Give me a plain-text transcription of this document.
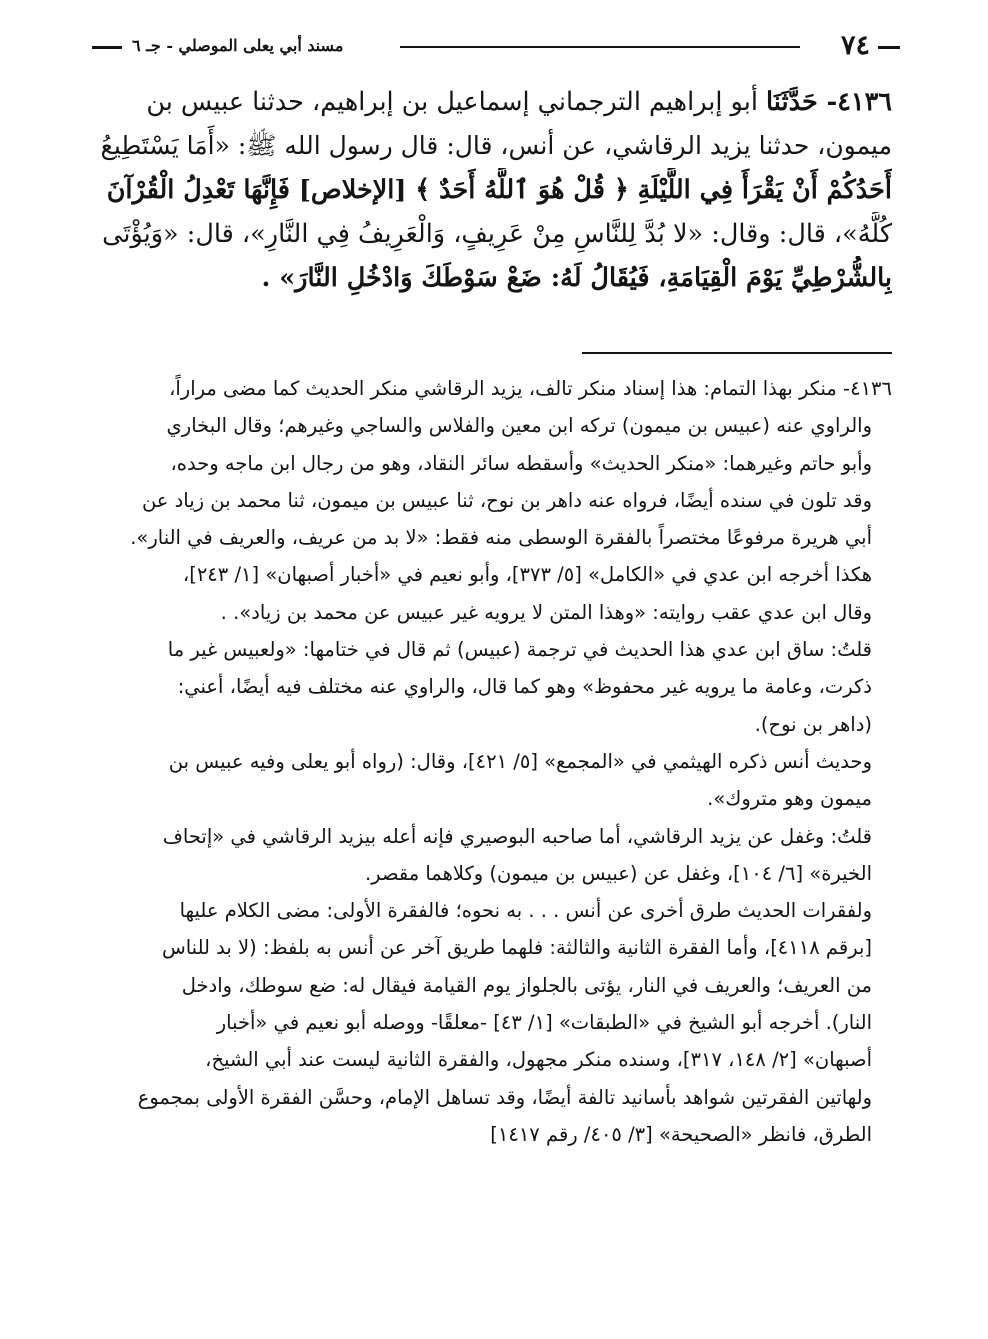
٧٤
مسند أبي يعلى الموصلي - جـ ٦
٤١٣٦- حَدَّثَنَا أبو إبراهيم الترجماني إسماعيل بن إبراهيم، حدثنا عبيس بن
ميمون، حدثنا يزيد الرقاشي، عن أنس، قال: قال رسول الله ﷺ: «أَمَا يَسْتَطِيعُ
أَحَدُكُمْ أَنْ يَقْرَأَ فِي اللَّيْلَةِ ﴿ قُلْ هُوَ ٱللَّهُ أَحَدٌ ﴾ [الإخلاص] فَإِنَّهَا تَعْدِلُ الْقُرْآنَ
كُلَّهُ»، قال: وقال: «لا بُدَّ لِلنَّاسِ مِنْ عَرِيفٍ، وَالْعَرِيفُ فِي النَّارِ»، قال: «وَيُؤْتَى
بِالشُّرْطِيِّ يَوْمَ الْقِيَامَةِ، فَيُقَالُ لَهُ: ضَعْ سَوْطَكَ وَادْخُلِ النَّارَ» .
٤١٣٦- منكر بهذا التمام: هذا إسناد منكر تالف، يزيد الرقاشي منكر الحديث كما مضى مراراً،
والراوي عنه (عبيس بن ميمون) تركه ابن معين والفلاس والساجي وغيرهم؛ وقال البخاري
وأبو حاتم وغيرهما: «منكر الحديث» وأسقطه سائر النقاد، وهو من رجال ابن ماجه وحده،
وقد تلون في سنده أيضًا، فرواه عنه داهر بن نوح، ثنا عبيس بن ميمون، ثنا محمد بن زياد عن
أبي هريرة مرفوعًا مختصراً بالفقرة الوسطى منه فقط: «لا بد من عريف، والعريف في النار».
هكذا أخرجه ابن عدي في «الكامل» [٥/ ٣٧٣]، وأبو نعيم في «أخبار أصبهان» [١/ ٢٤٣]،
وقال ابن عدي عقب روايته: «وهذا المتن لا يرويه غير عبيس عن محمد بن زياد». .
قلتُ: ساق ابن عدي هذا الحديث في ترجمة (عبيس) ثم قال في ختامها: «ولعبيس غير ما
ذكرت، وعامة ما يرويه غير محفوظ» وهو كما قال، والراوي عنه مختلف فيه أيضًا، أعني:
(داهر بن نوح).
وحديث أنس ذكره الهيثمي في «المجمع» [٥/ ٤٢١]، وقال: (رواه أبو يعلى وفيه عبيس بن
ميمون وهو متروك».
قلتُ: وغفل عن يزيد الرقاشي، أما صاحبه البوصيري فإنه أعله بيزيد الرقاشي في «إتحاف
الخيرة» [٦/ ١٠٤]، وغفل عن (عبيس بن ميمون) وكلاهما مقصر.
ولفقرات الحديث طرق أخرى عن أنس . . . به نحوه؛ فالفقرة الأولى: مضى الكلام عليها
[برقم ٤١١٨]، وأما الفقرة الثانية والثالثة: فلهما طريق آخر عن أنس به بلفظ: (لا بد للناس
من العريف؛ والعريف في النار، يؤتى بالجلواز يوم القيامة فيقال له: ضع سوطك، وادخل
النار). أخرجه أبو الشيخ في «الطبقات» [١/ ٤٣] -معلقًا- ووصله أبو نعيم في «أخبار
أصبهان» [٢/ ١٤٨، ٣١٧]، وسنده منكر مجهول، والفقرة الثانية ليست عند أبي الشيخ،
ولهاتين الفقرتين شواهد بأسانيد تالفة أيضًا، وقد تساهل الإمام، وحسَّن الفقرة الأولى بمجموع
الطرق، فانظر «الصحيحة» [٣/ ٤٠٥/ رقم ١٤١٧]
